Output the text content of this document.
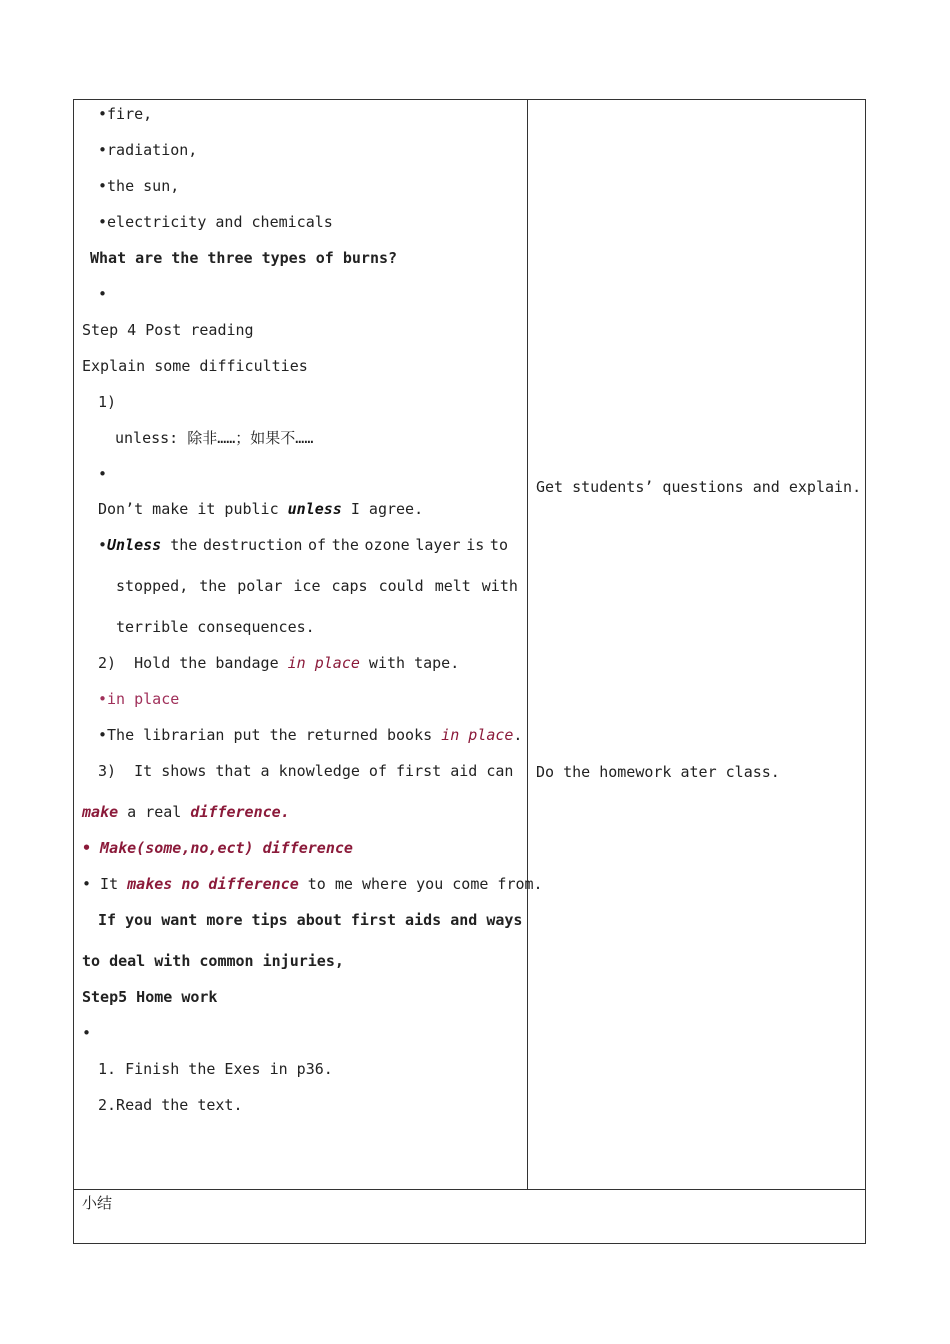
•fire,
•radiation,
•the sun,
•electricity and chemicals
What are the three types of burns?
•
Step 4 Post reading
Explain some difficulties
1)
unless: 除非……；如果不……
•
Don’t make it public unless I agree.
•Unless the destruction of the ozone layer is to
stopped, the polar ice caps could melt with
terrible consequences.
2)  Hold the bandage in place with tape.
•in place
•The librarian put the returned books in place.
3)  It shows that a knowledge of first aid can
make a real difference.
• Make(some,no,ect) difference
• It makes no difference to me where you come from.
If you want more tips about first aids and ways
to deal with common injuries,
Step5 Home work
•
1. Finish the Exes in p36.
2.Read the text.
Get students’ questions and explain.
Do the homework ater class.
小结
